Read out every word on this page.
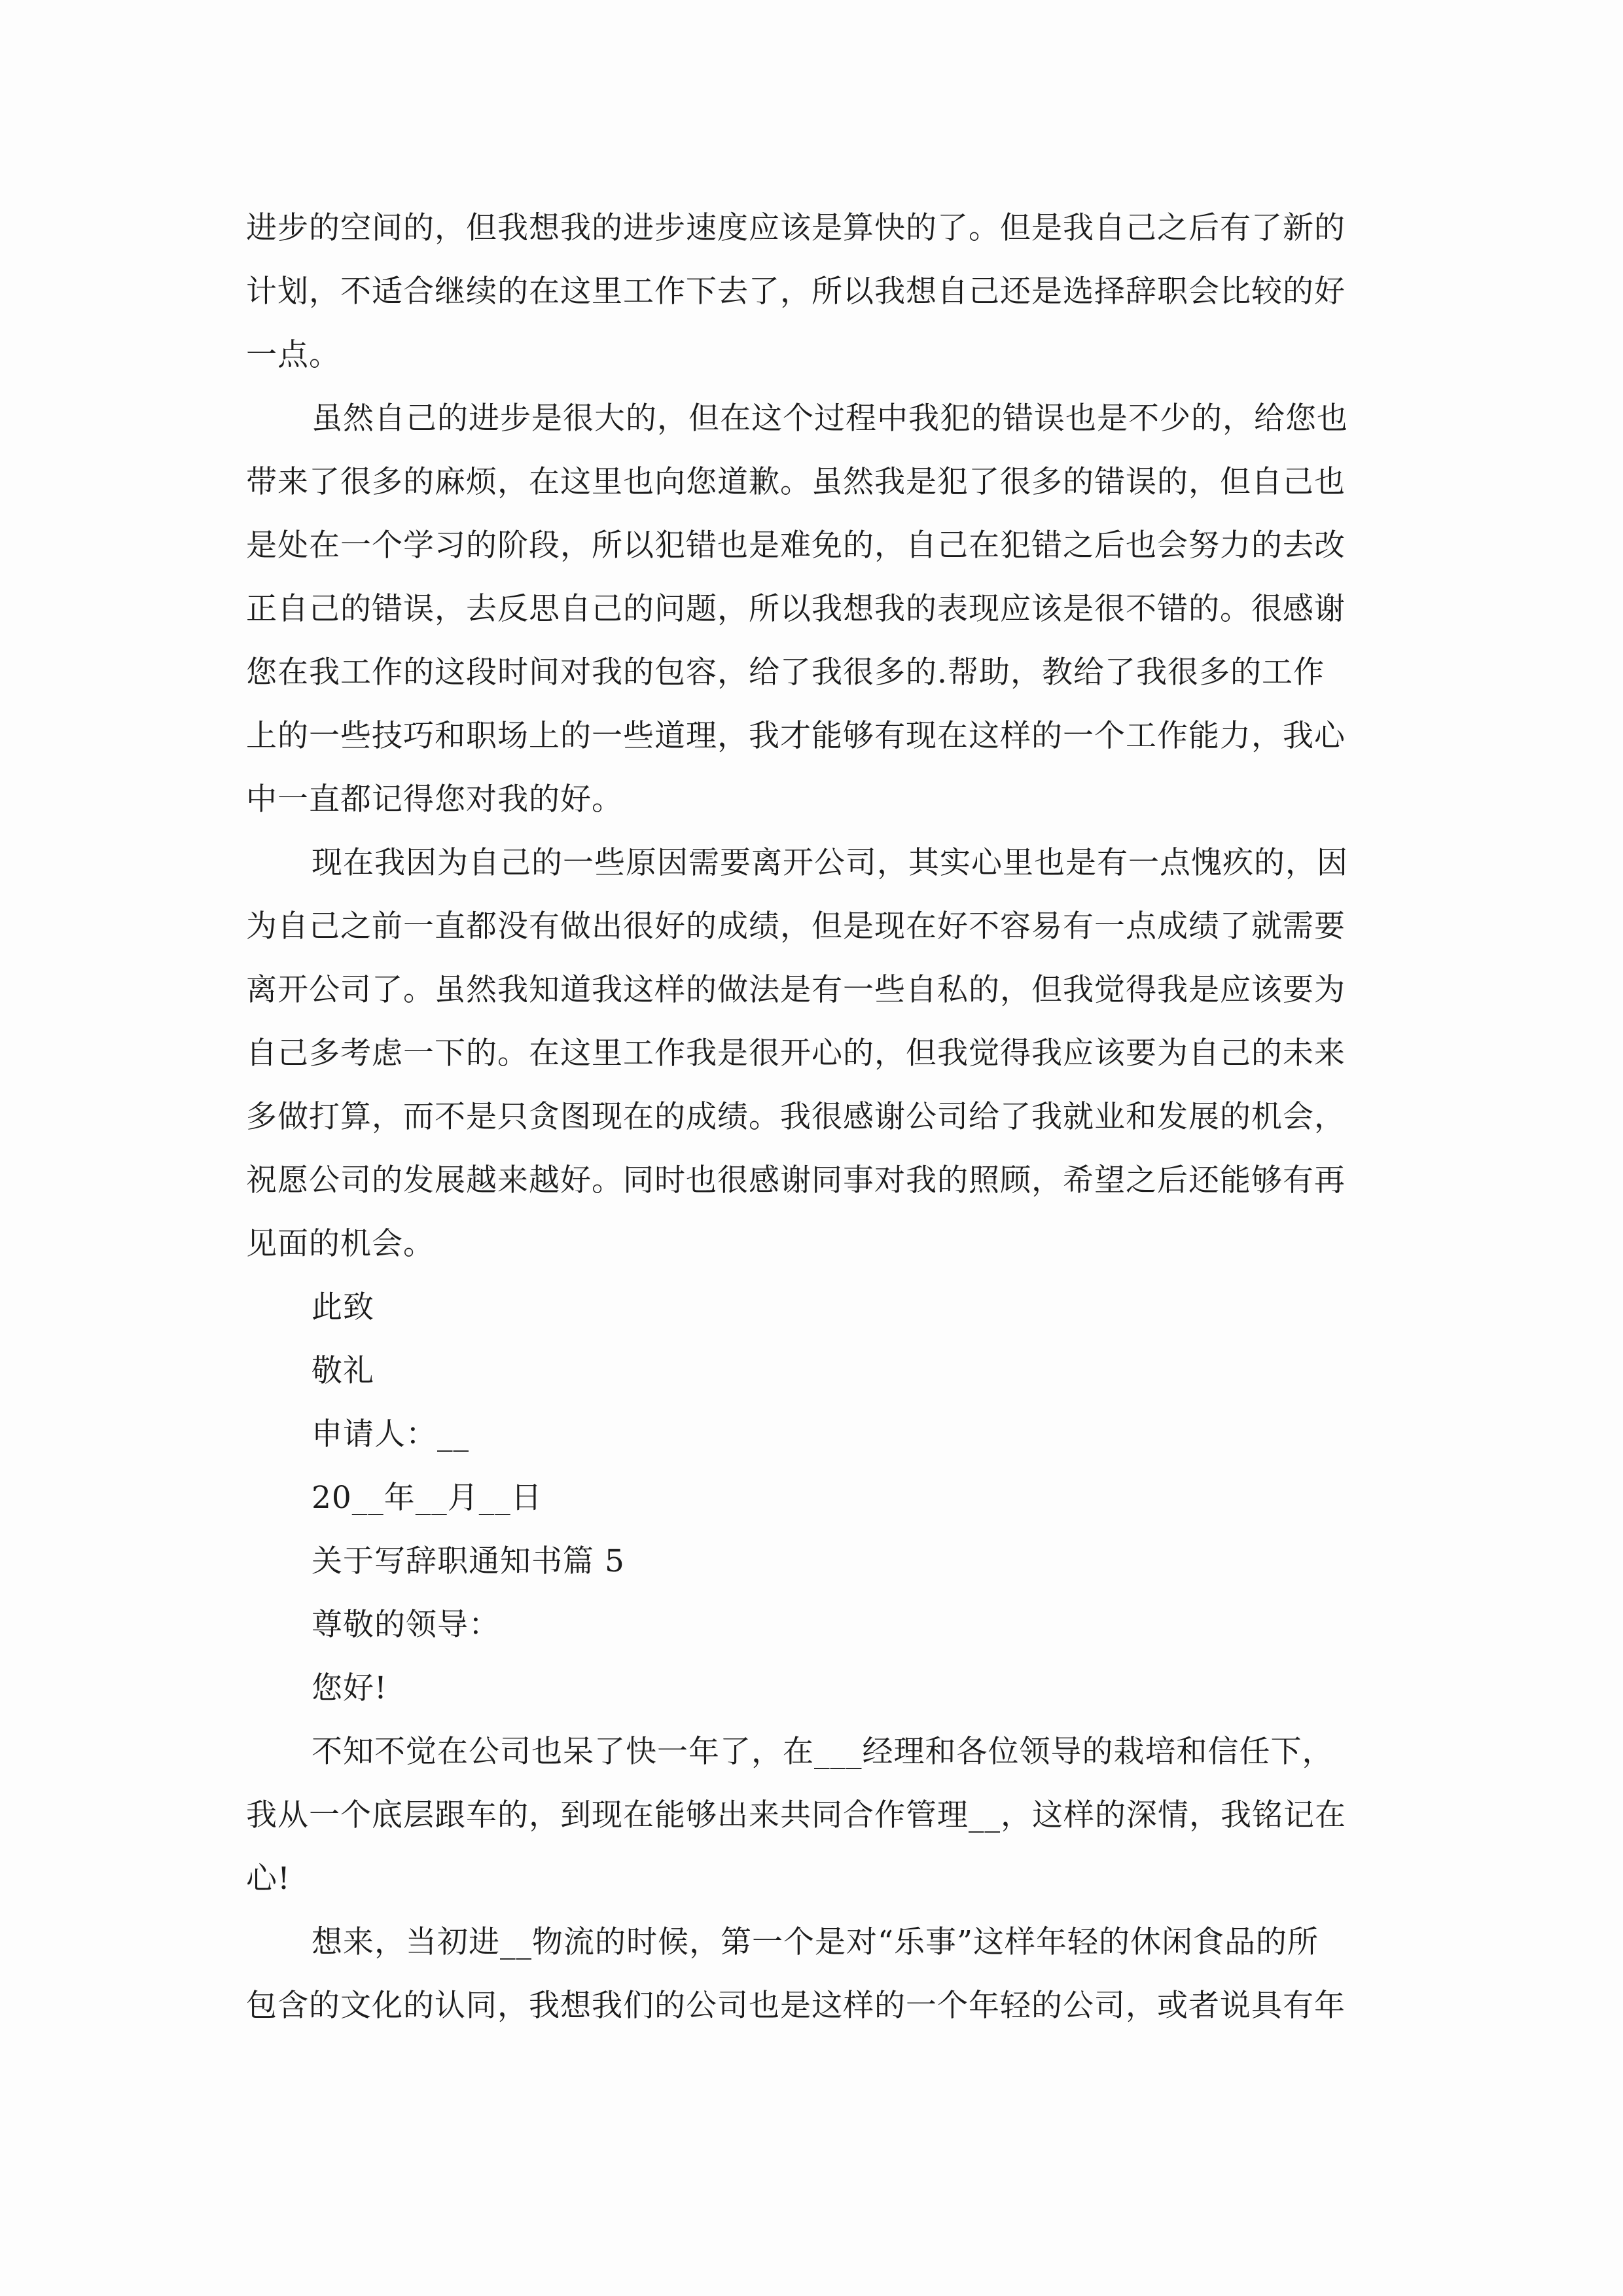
进步的空间的，但我想我的进步速度应该是算快的了。但是我自己之后有了新的
计划，不适合继续的在这里工作下去了，所以我想自己还是选择辞职会比较的好
一点。
虽然自己的进步是很大的，但在这个过程中我犯的错误也是不少的，给您也
带来了很多的麻烦，在这里也向您道歉。虽然我是犯了很多的错误的，但自己也
是处在一个学习的阶段，所以犯错也是难免的，自己在犯错之后也会努力的去改
正自己的错误，去反思自己的问题，所以我想我的表现应该是很不错的。很感谢
您在我工作的这段时间对我的包容，给了我很多的.帮助，教给了我很多的工作
上的一些技巧和职场上的一些道理，我才能够有现在这样的一个工作能力，我心
中一直都记得您对我的好。
现在我因为自己的一些原因需要离开公司，其实心里也是有一点愧疚的，因
为自己之前一直都没有做出很好的成绩，但是现在好不容易有一点成绩了就需要
离开公司了。虽然我知道我这样的做法是有一些自私的，但我觉得我是应该要为
自己多考虑一下的。在这里工作我是很开心的，但我觉得我应该要为自己的未来
多做打算，而不是只贪图现在的成绩。我很感谢公司给了我就业和发展的机会，
祝愿公司的发展越来越好。同时也很感谢同事对我的照顾，希望之后还能够有再
见面的机会。
此致
敬礼
申请人：__
20__年__月__日
关于写辞职通知书篇 5
尊敬的领导：
您好!
不知不觉在公司也呆了快一年了，在___经理和各位领导的栽培和信任下，
我从一个底层跟车的，到现在能够出来共同合作管理__，这样的深情，我铭记在
心!
想来，当初进__物流的时候，第一个是对“乐事”这样年轻的休闲食品的所
包含的文化的认同，我想我们的公司也是这样的一个年轻的公司，或者说具有年
